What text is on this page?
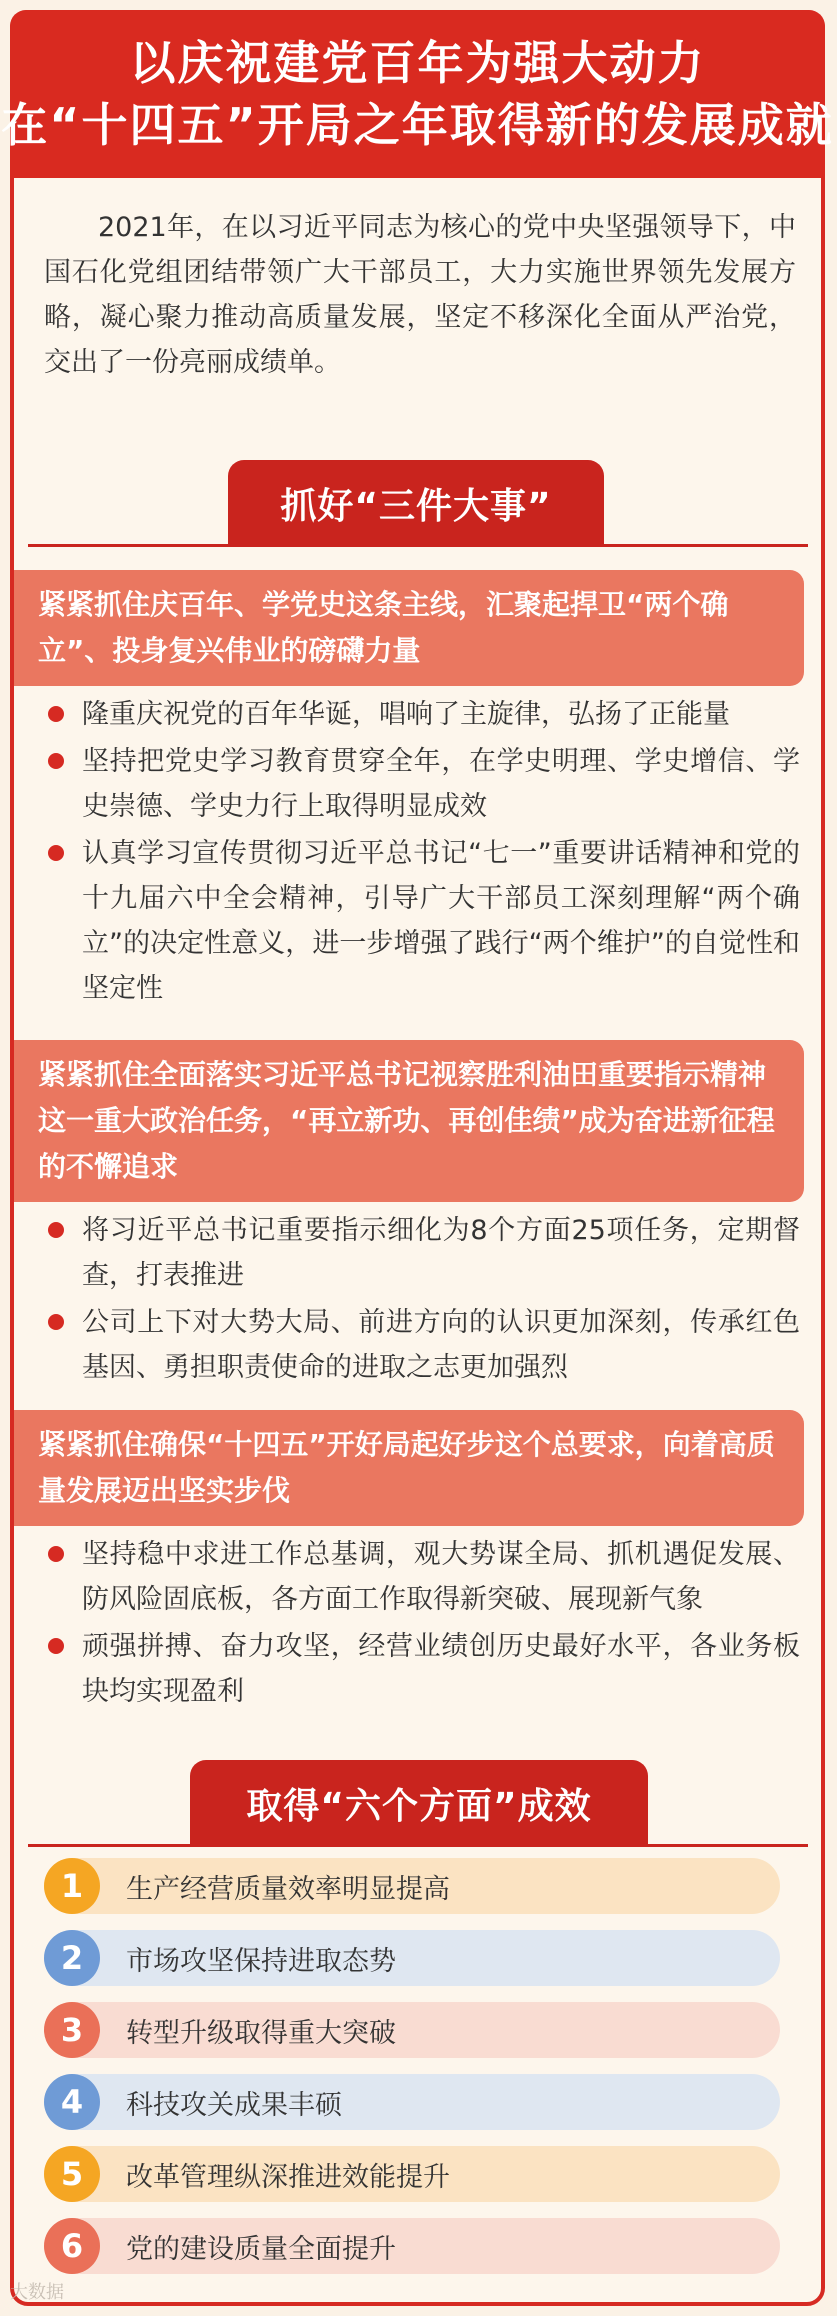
以庆祝建党百年为强大动力
在“十四五”开局之年取得新的发展成就
2021年，在以习近平同志为核心的党中央坚强领导下，中国石化党组团结带领广大干部员工，大力实施世界领先发展方略，凝心聚力推动高质量发展，坚定不移深化全面从严治党，交出了一份亮丽成绩单。
抓好“三件大事”
紧紧抓住庆百年、学党史这条主线，汇聚起捍卫“两个确立”、投身复兴伟业的磅礴力量
隆重庆祝党的百年华诞，唱响了主旋律，弘扬了正能量
坚持把党史学习教育贯穿全年，在学史明理、学史增信、学史崇德、学史力行上取得明显成效
认真学习宣传贯彻习近平总书记“七一”重要讲话精神和党的十九届六中全会精神，引导广大干部员工深刻理解“两个确立”的决定性意义，进一步增强了践行“两个维护”的自觉性和坚定性
紧紧抓住全面落实习近平总书记视察胜利油田重要指示精神这一重大政治任务，“再立新功、再创佳绩”成为奋进新征程的不懈追求
将习近平总书记重要指示细化为8个方面25项任务，定期督查，打表推进
公司上下对大势大局、前进方向的认识更加深刻，传承红色基因、勇担职责使命的进取之志更加强烈
紧紧抓住确保“十四五”开好局起好步这个总要求，向着高质量发展迈出坚实步伐
坚持稳中求进工作总基调，观大势谋全局、抓机遇促发展、防风险固底板，各方面工作取得新突破、展现新气象
顽强拼搏、奋力攻坚，经营业绩创历史最好水平，各业务板块均实现盈利
取得“六个方面”成效
1	生产经营质量效率明显提高
2	市场攻坚保持进取态势
3	转型升级取得重大突破
4	科技攻关成果丰硕
5	改革管理纵深推进效能提升
6	党的建设质量全面提升
大数据
